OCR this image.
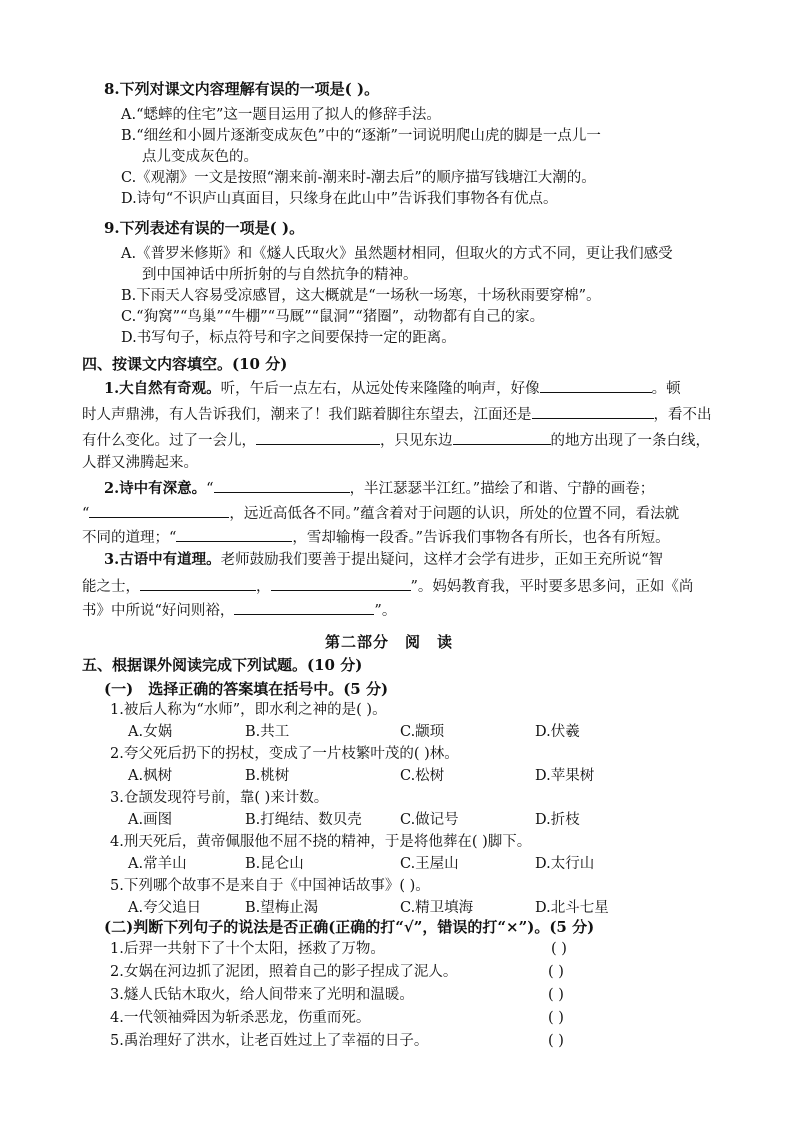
8.下列对课文内容理解有误的一项是( )。
A.“蟋蟀的住宅”这一题目运用了拟人的修辞手法。
B.“细丝和小圆片逐渐变成灰色”中的“逐渐”一词说明爬山虎的脚是一点儿一
点儿变成灰色的。
C.《观潮》一文是按照“潮来前-潮来时-潮去后”的顺序描写钱塘江大潮的。
D.诗句“不识庐山真面目，只缘身在此山中”告诉我们事物各有优点。
9.下列表述有误的一项是( )。
A.《普罗米修斯》和《燧人氏取火》虽然题材相同，但取火的方式不同，更让我们感受
到中国神话中所折射的与自然抗争的精神。
B.下雨天人容易受凉感冒，这大概就是“一场秋一场寒，十场秋雨要穿棉”。
C.“狗窝”“鸟巢”“牛棚”“马厩”“鼠洞”“猪圈”，动物都有自己的家。
D.书写句子，标点符号和字之间要保持一定的距离。
四、按课文内容填空。(10 分)
1.大自然有奇观。听，午后一点左右，从远处传来隆隆的响声，好像	。顿
时人声鼎沸，有人告诉我们，潮来了！我们踮着脚往东望去，江面还是	，看不出
有什么变化。过了一会儿，	，只见东边	的地方出现了一条白线，
人群又沸腾起来。
2.诗中有深意。“	，半江瑟瑟半江红。”描绘了和谐、宁静的画卷；
“	，远近高低各不同。”蕴含着对于问题的认识，所处的位置不同，看法就
不同的道理；“	，雪却输梅一段香。”告诉我们事物各有所长，也各有所短。
3.古语中有道理。老师鼓励我们要善于提出疑问，这样才会学有进步，正如王充所说“智
能之士，	，	”。妈妈教育我，平时要多思多问，正如《尚
书》中所说“好问则裕，	”。
第二部分　阅　读
五、根据课外阅读完成下列试题。(10 分)
(一)　选择正确的答案填在括号中。(5 分)
1.被后人称为“水师”，即水利之神的是( )。
A.女娲	B.共工	C.颛顼	D.伏羲
2.夸父死后扔下的拐杖，变成了一片枝繁叶茂的( )林。
A.枫树	B.桃树	C.松树	D.苹果树
3.仓颉发现符号前，靠( )来计数。
A.画图	B.打绳结、数贝壳	C.做记号	D.折枝
4.刑天死后，黄帝佩服他不屈不挠的精神，于是将他葬在( )脚下。
A.常羊山	B.昆仑山	C.王屋山	D.太行山
5.下列哪个故事不是来自于《中国神话故事》( )。
A.夸父追日	B.望梅止渴	C.精卫填海	D.北斗七星
(二)判断下列句子的说法是否正确(正确的打“√”，错误的打“×”)。(5 分)
1.后羿一共射下了十个太阳，拯救了万物。	( )
2.女娲在河边抓了泥团，照着自己的影子捏成了泥人。	( )
3.燧人氏钻木取火，给人间带来了光明和温暖。	( )
4.一代领袖舜因为斩杀恶龙，伤重而死。	( )
5.禹治理好了洪水，让老百姓过上了幸福的日子。	( )
